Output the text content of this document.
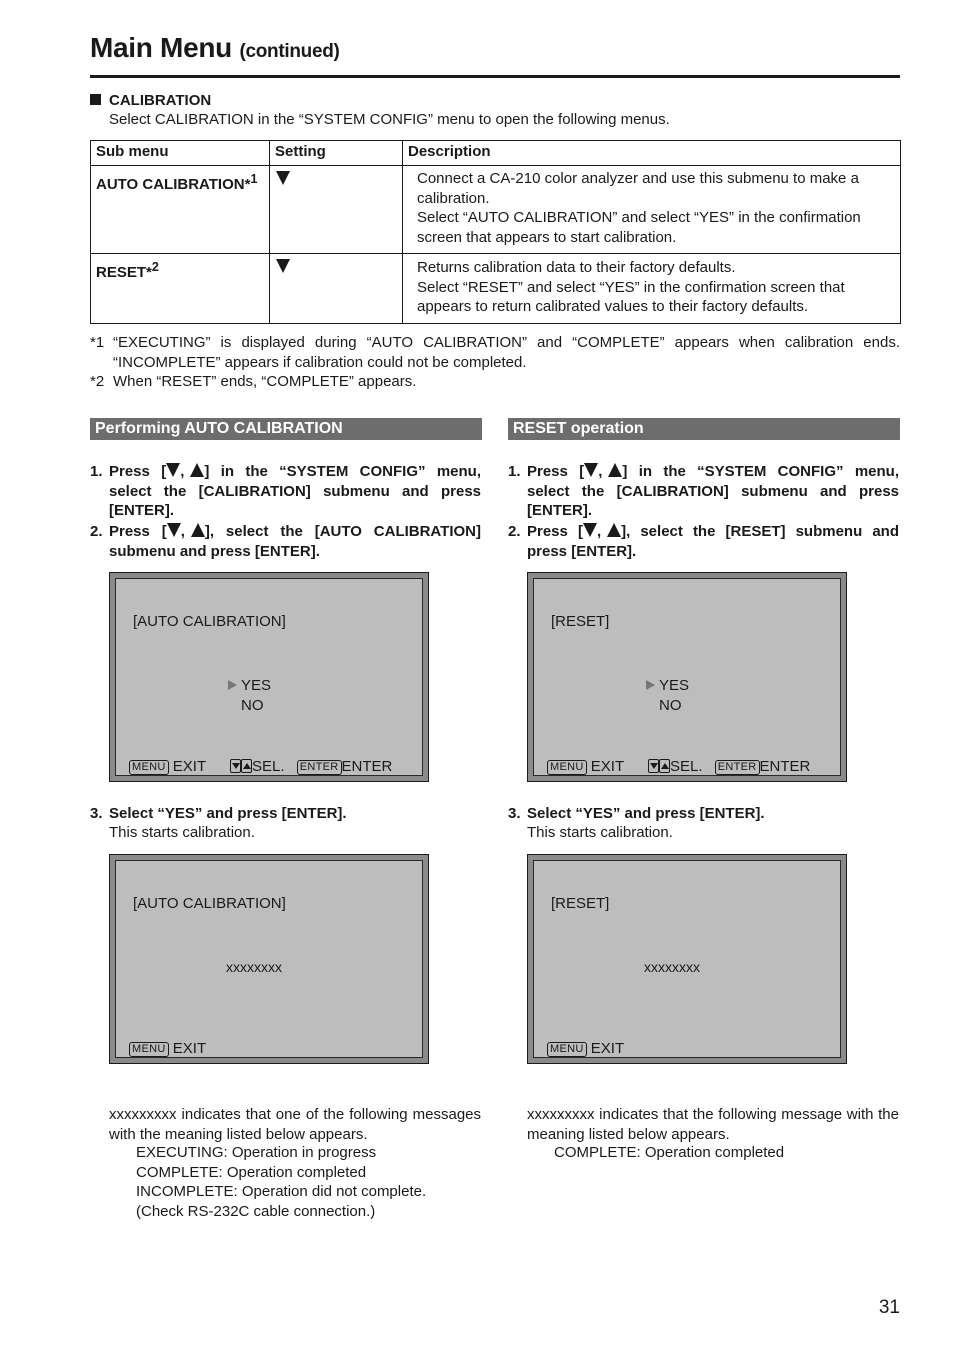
Main Menu (continued)
CALIBRATION
Select CALIBRATION in the “SYSTEM CONFIG” menu to open the following menus.
Sub menu	Setting	Description
AUTO CALIBRATION*$^1$		Connect a CA-210 color analyzer and use this submenu to make a calibration.
Select “AUTO CALIBRATION” and select “YES” in the confirmation screen that appears to start calibration.

RESET*$^2$		Returns calibration data to their factory defaults.
Select “RESET” and select “YES” in the confirmation screen that appears to return calibrated values to their factory defaults.
*1 “EXECUTING” is displayed during “AUTO CALIBRATION” and “COMPLETE” appears when calibration ends. “INCOMPLETE” appears if calibration could not be completed.
*2 When “RESET” ends, “COMPLETE” appears.
Performing AUTO CALIBRATION
1. Press [ , ] in the “SYSTEM CONFIG” menu, select the [CALIBRATION] submenu and press [ENTER].
2. Press [ , ], select the [AUTO CALIBRATION] submenu and press [ENTER].
[AUTO CALIBRATION]
YES
NO
MENU EXIT	SEL. ENTER ENTER
3. Select “YES” and press [ENTER].
This starts calibration.
[AUTO CALIBRATION]
xxxxxxxx
MENU EXIT
xxxxxxxxx indicates that one of the following messages with the meaning listed below appears.
EXECUTING: Operation in progress
COMPLETE: Operation completed
INCOMPLETE: Operation did not complete.
(Check RS-232C cable connection.)
RESET operation
1. Press [ , ] in the “SYSTEM CONFIG” menu, select the [CALIBRATION] submenu and press [ENTER].
2. Press [ , ], select the [RESET] submenu and press [ENTER].
[RESET]
YES
NO
MENU EXIT	SEL. ENTER ENTER
3. Select “YES” and press [ENTER].
This starts calibration.
[RESET]
xxxxxxxx
MENU EXIT
xxxxxxxxx indicates that the following message with the meaning listed below appears.
COMPLETE: Operation completed
31
